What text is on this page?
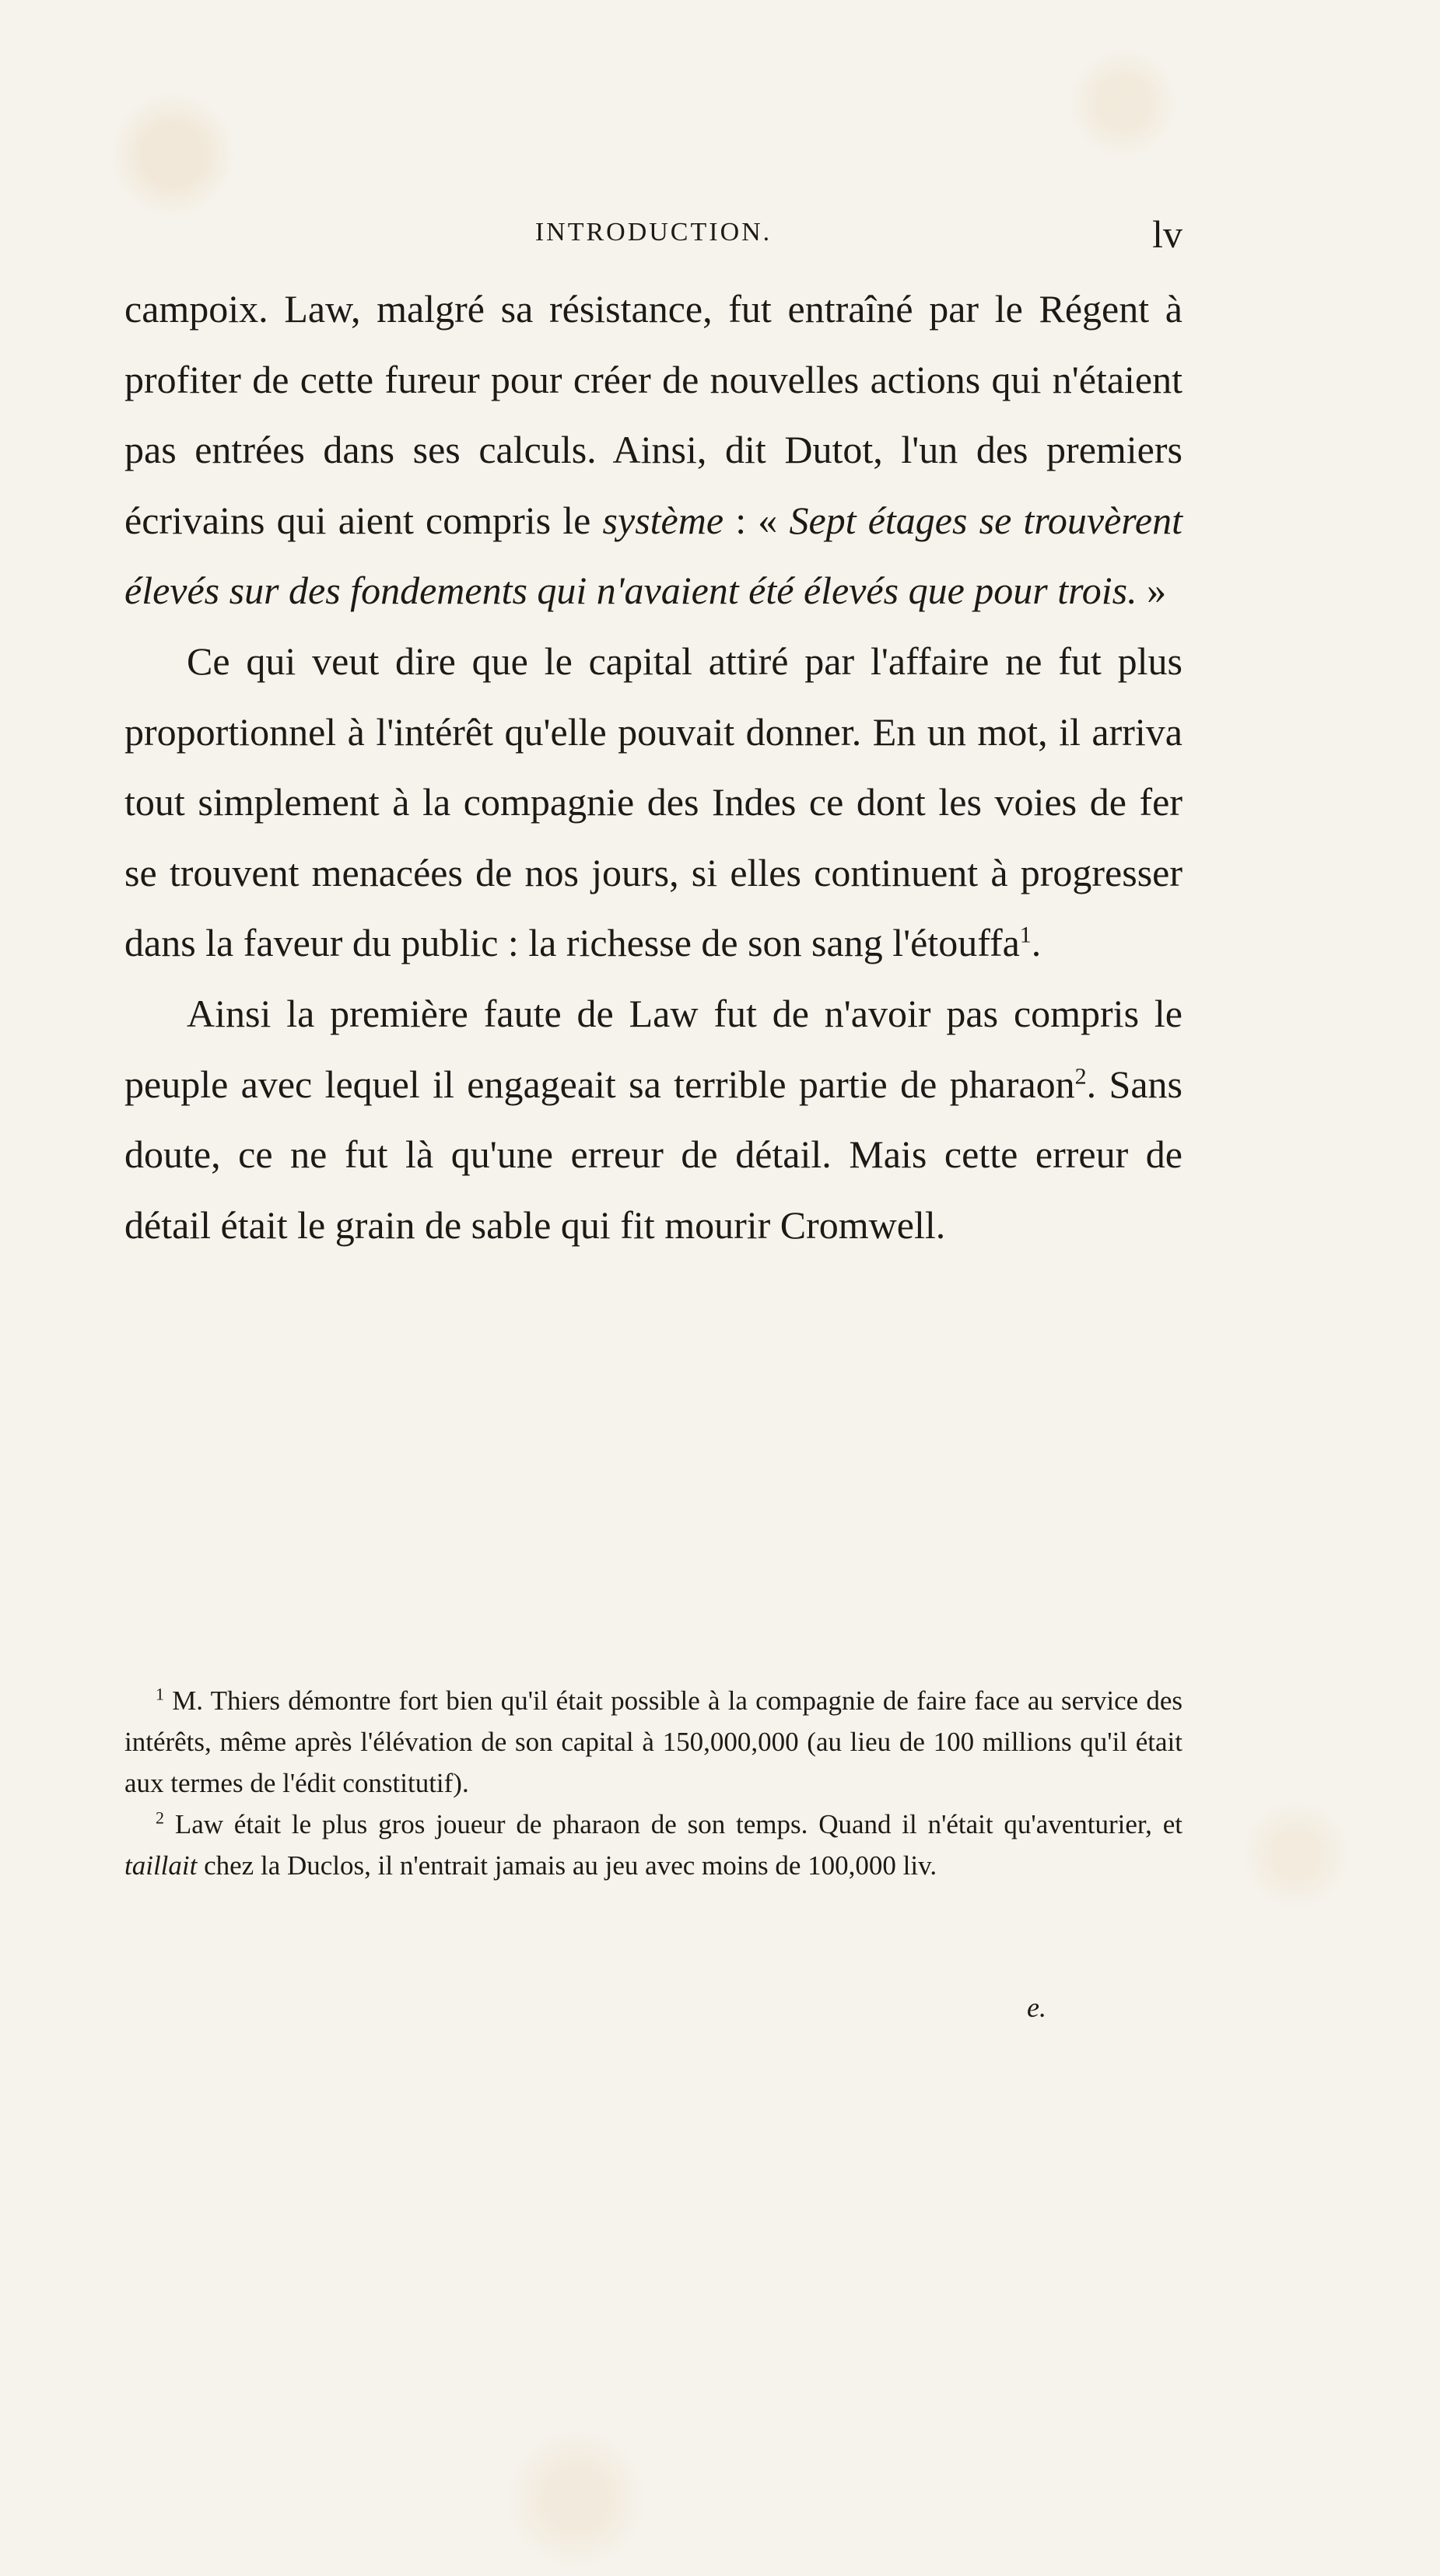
INTRODUCTION.	lv

campoix. Law, malgré sa résistance, fut entraîné par le Régent à profiter de cette fureur pour créer de nouvelles actions qui n'étaient pas entrées dans ses calculs. Ainsi, dit Dutot, l'un des premiers écrivains qui aient compris le système : « Sept étages se trouvèrent élevés sur des fondements qui n'avaient été élevés que pour trois. »

Ce qui veut dire que le capital attiré par l'affaire ne fut plus proportionnel à l'intérêt qu'elle pouvait donner. En un mot, il arriva tout simplement à la compagnie des Indes ce dont les voies de fer se trouvent menacées de nos jours, si elles continuent à progresser dans la faveur du public : la richesse de son sang l'étouffa$^1$.

Ainsi la première faute de Law fut de n'avoir pas compris le peuple avec lequel il engageait sa terrible partie de pharaon$^2$. Sans doute, ce ne fut là qu'une erreur de détail. Mais cette erreur de détail était le grain de sable qui fit mourir Cromwell.

$^1$ M. Thiers démontre fort bien qu'il était possible à la compagnie de faire face au service des intérêts, même après l'élévation de son capital à 150,000,000 (au lieu de 100 millions qu'il était aux termes de l'édit constitutif).

$^2$ Law était le plus gros joueur de pharaon de son temps. Quand il n'était qu'aventurier, et taillait chez la Duclos, il n'entrait jamais au jeu avec moins de 100,000 liv.

e.
